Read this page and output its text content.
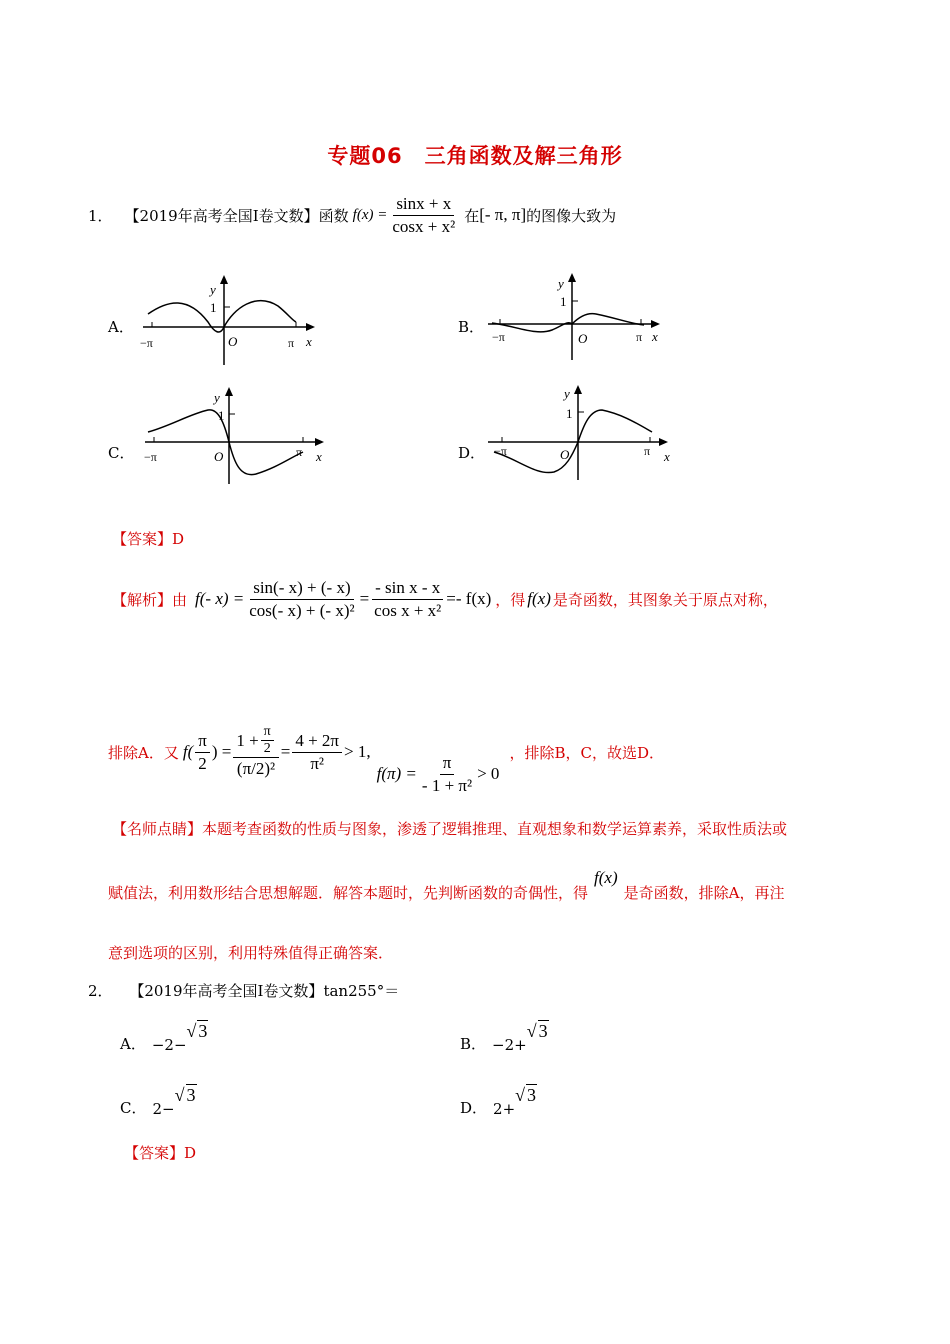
专题06　三角函数及解三角形
1． 【2019年高考全国Ⅰ卷文数】 函数 $f(x) = \frac{\sin x + x}{\text{cosx + x²}}$ 在 [- π, π] 的图像大致为
A．
y
1
O
−π	π x
B．
y
1
O
−π	π x
C．
y
1
O
−π	π x	D．
y
1
O
−π	π x
【答案】D
【解析】 由 f(- $x) = \frac{\sin(- x) + (- x)}{\text{cos(- x) + (- x)²}} = \frac{\text{- sin x - x}}{\text{cos x + x²}} =- f(x)$ ，得 f(x) 是奇函数，其图象关于原点对称，
排除A．又 $f( \frac{\pi}{2}$ ) = $\frac{1 + \frac{\pi}{2}}{\text{(π/2)²}} = \frac{4 + 2\pi}{\text{π²}} > 1$,
$f(\pi) = \frac{\pi}{\text{- 1 + π²}} > 0$
，排除B，C，故选D．
【名师点睛】本题考查函数的性质与图象，渗透了逻辑推理、直观想象和数学运算素养，采取性质法或
赋值法，利用数形结合思想解题．解答本题时，先判断函数的奇偶性，得
f(x)
是奇函数，排除A，再注
意到选项的区别，利用特殊值得正确答案．
2． 【2019年高考全国Ⅰ卷文数】tan255°＝
A． −2−
√ 3
B． −2+
√ 3
C． 2−
√ 3
D． 2+
√ 3
【答案】D
